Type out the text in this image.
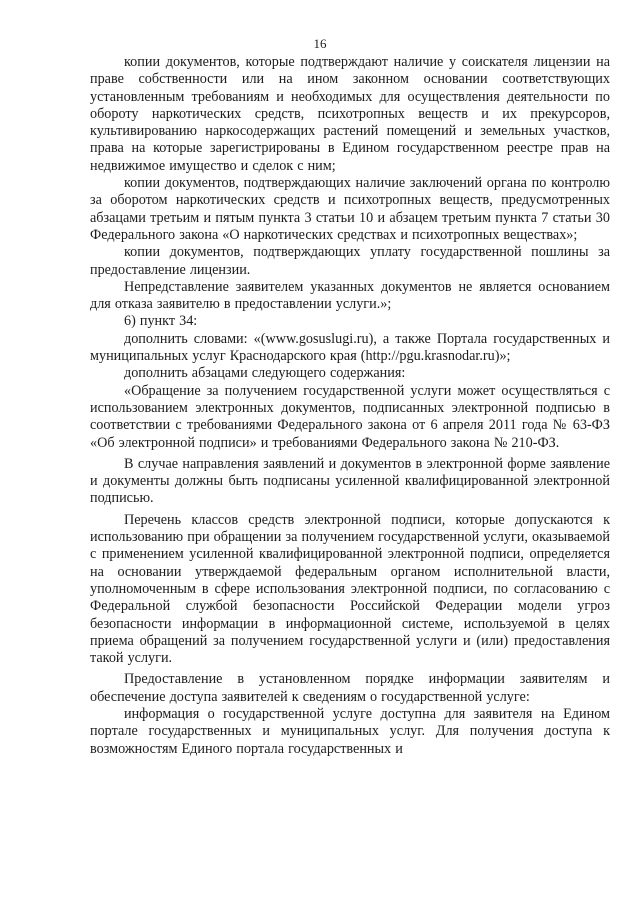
16

копии документов, которые подтверждают наличие у соискателя лицензии на праве собственности или на ином законном основании соответствующих установленным требованиям и необходимых для осуществления деятельности по обороту наркотических средств, психотропных веществ и их прекурсоров, культивированию наркосодержащих растений помещений и земельных участков, права на которые зарегистрированы в Едином государственном реестре прав на недвижимое имущество и сделок с ним;

копии документов, подтверждающих наличие заключений органа по контролю за оборотом наркотических средств и психотропных веществ, предусмотренных абзацами третьим и пятым пункта 3 статьи 10 и абзацем третьим пункта 7 статьи 30 Федерального закона «О наркотических средствах и психотропных веществах»;

копии документов, подтверждающих уплату государственной пошлины за предоставление лицензии.

Непредставление заявителем указанных документов не является основанием для отказа заявителю в предоставлении услуги.»;

6) пункт 34:

дополнить словами: «(www.gosuslugi.ru), а также Портала государственных и муниципальных услуг Краснодарского края (http://pgu.krasnodar.ru)»;

дополнить абзацами следующего содержания:

«Обращение за получением государственной услуги может осуществляться с использованием электронных документов, подписанных электронной подписью в соответствии с требованиями Федерального закона от 6 апреля 2011 года № 63-ФЗ «Об электронной подписи» и требованиями Федерального закона № 210-ФЗ.

В случае направления заявлений и документов в электронной форме заявление и документы должны быть подписаны усиленной квалифицированной электронной подписью.

Перечень классов средств электронной подписи, которые допускаются к использованию при обращении за получением государственной услуги, оказываемой с применением усиленной квалифицированной электронной подписи, определяется на основании утверждаемой федеральным органом исполнительной власти, уполномоченным в сфере использования электронной подписи, по согласованию с Федеральной службой безопасности Российской Федерации модели угроз безопасности информации в информационной системе, используемой в целях приема обращений за получением государственной услуги и (или) предоставления такой услуги.

Предоставление в установленном порядке информации заявителям и обеспечение доступа заявителей к сведениям о государственной услуге:

информация о государственной услуге доступна для заявителя на Едином портале государственных и муниципальных услуг. Для получения доступа к возможностям Единого портала государственных и
